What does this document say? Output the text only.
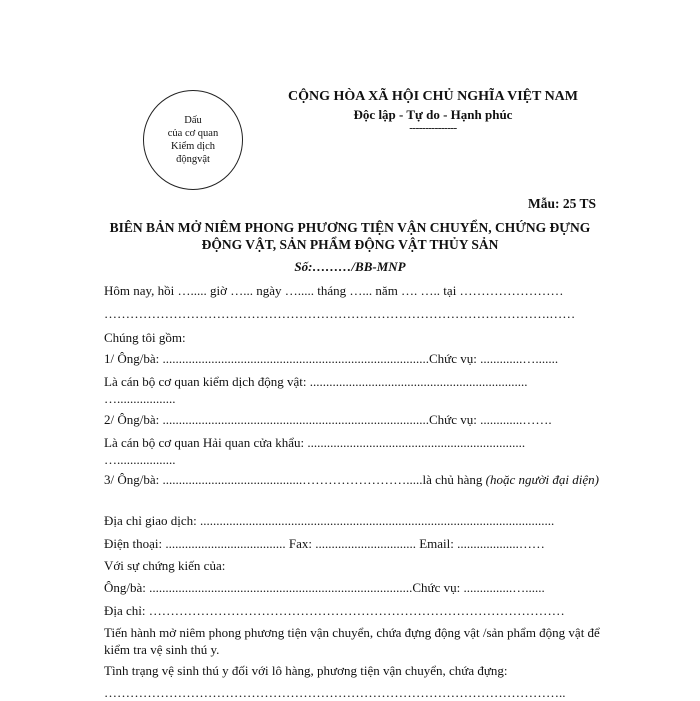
Dấu
của cơ quan
Kiểm dịch
độngvật
CỘNG HÒA XÃ HỘI CHỦ NGHĨA VIỆT NAM
Độc lập - Tự do - Hạnh phúc
---------------
Mẫu: 25 TS
BIÊN BẢN MỞ NIÊM PHONG PHƯƠNG TIỆN VẬN CHUYỂN, CHỨNG ĐỰNG
ĐỘNG VẬT, SẢN PHẨM ĐỘNG VẬT THỦY SẢN
Số:………/BB-MNP
Hôm nay, hồi …..... giờ …... ngày …..... tháng …... năm …. ….. tại ……………………
………………………………………………………………………………………….……
Chúng tôi gồm:
1/ Ông/bà: ..................................................................................Chức vụ: .............….......
Là cán bộ cơ quan kiểm dịch động vật: ...................................................................
…..................
2/ Ông/bà: ..................................................................................Chức vụ: .............…….
Là cán bộ cơ quan Hải quan cửa khẩu: ...................................................................
…..................
3/ Ông/bà: ...........................................…………………….....là chủ hàng (hoặc người đại diện)
Địa chỉ giao dịch: .............................................................................................................
Điện thoại: ..................................... Fax: ............................... Email: ...................……
Với sự chứng kiến của:
Ông/bà: .................................................................................Chức vụ: ...............…......
Địa chỉ: ……………………………………………………………………………………
Tiến hành mở niêm phong phương tiện vận chuyển, chứa đựng động vật /sản phẩm động vật để kiểm tra vệ sinh thú y.
Tình trạng vệ sinh thú y đối với lô hàng, phương tiện vận chuyển, chứa đựng:
……………………………………………………………………………………………..
